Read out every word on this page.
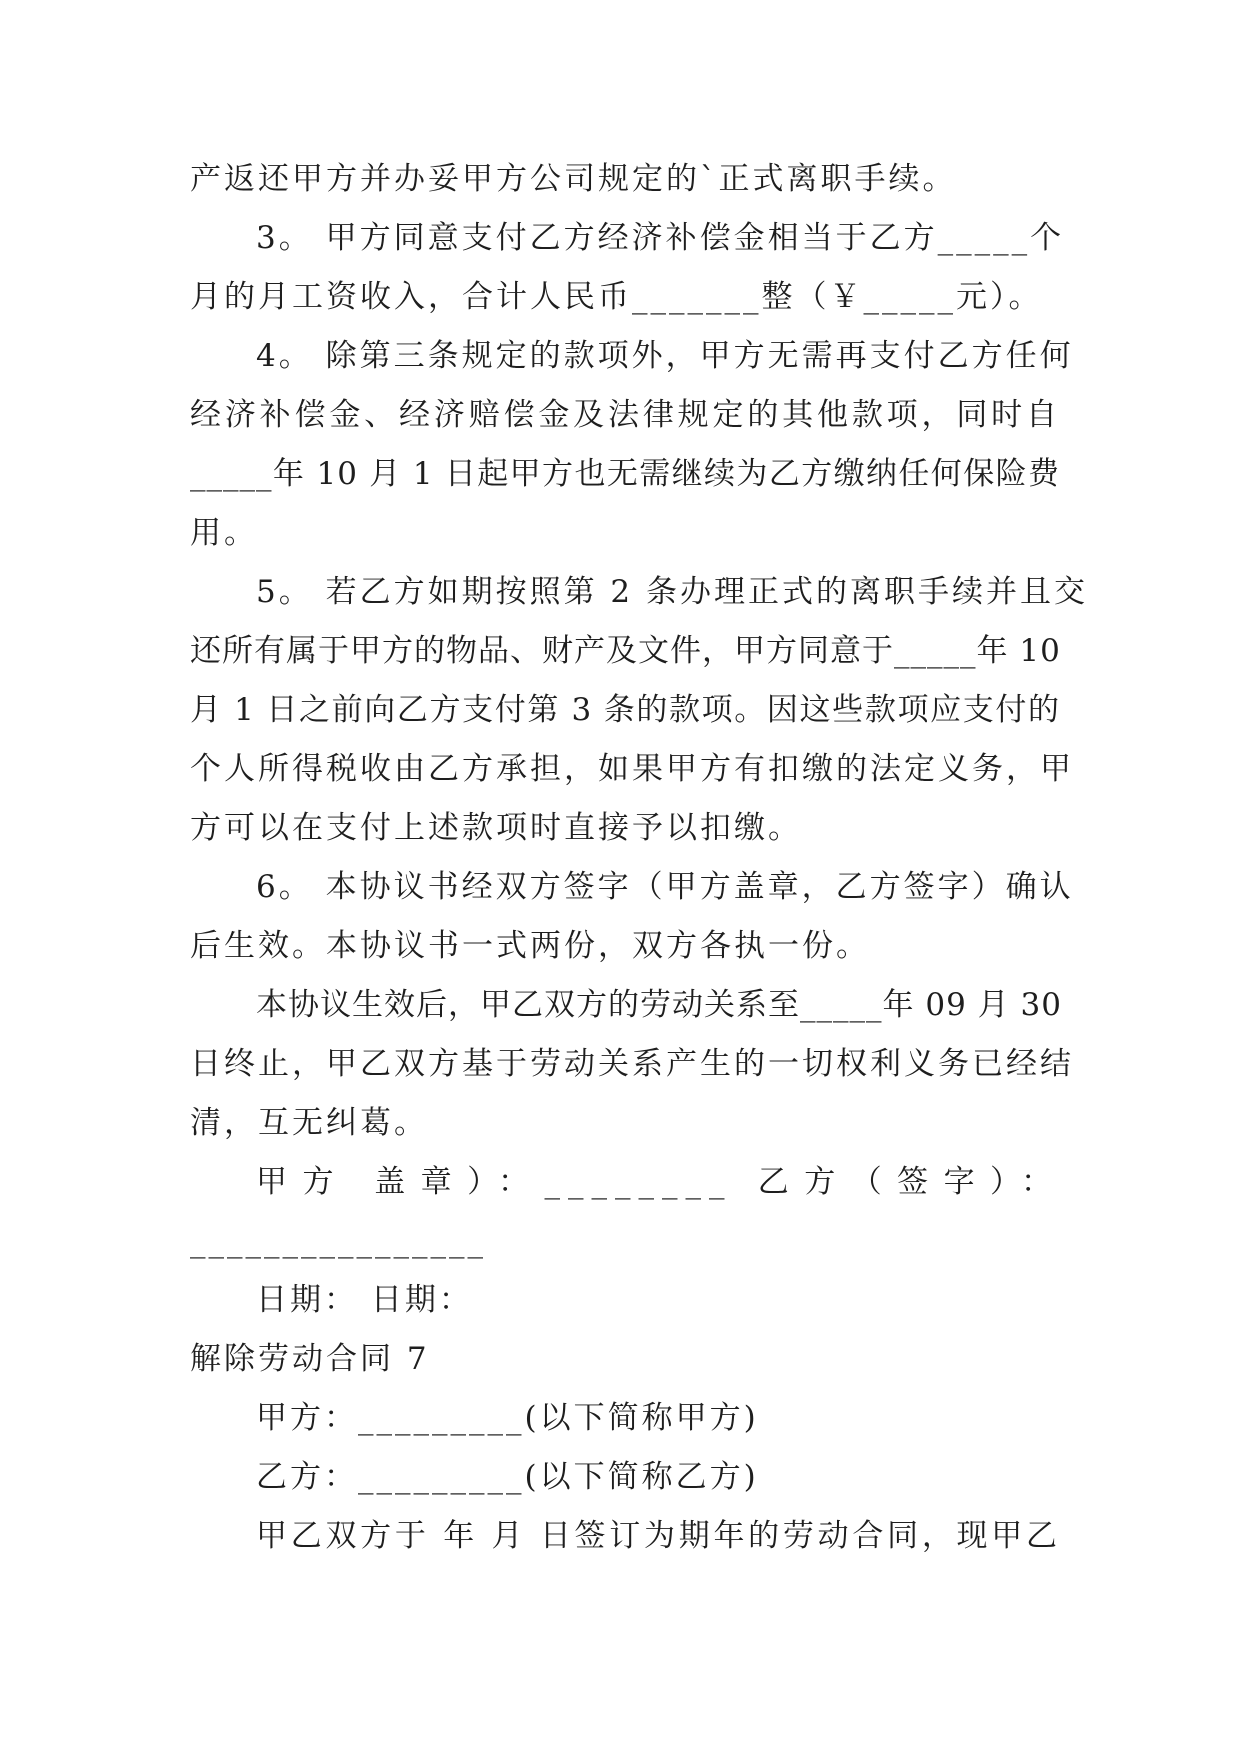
产返还甲方并办妥甲方公司规定的`正式离职手续。
3。 甲方同意支付乙方经济补偿金相当于乙方_____个
月的月工资收入，合计人民币_______整（￥_____元）。
4。 除第三条规定的款项外，甲方无需再支付乙方任何
经济补偿金、经济赔偿金及法律规定的其他款项，同时自
_____年 10 月 1 日起甲方也无需继续为乙方缴纳任何保险费
用。
5。 若乙方如期按照第 2 条办理正式的离职手续并且交
还所有属于甲方的物品、财产及文件，甲方同意于_____年 10
月 1 日之前向乙方支付第 3 条的款项。因这些款项应支付的
个人所得税收由乙方承担，如果甲方有扣缴的法定义务，甲
方可以在支付上述款项时直接予以扣缴。
6。 本协议书经双方签字（甲方盖章，乙方签字）确认
后生效。本协议书一式两份，双方各执一份。
本协议生效后，甲乙双方的劳动关系至_____年 09 月 30
日终止，甲乙双方基于劳动关系产生的一切权利义务已经结
清，互无纠葛。
甲方 盖章）：________ 乙方（签字）：
________________
日期： 日期：
解除劳动合同 7
甲方：_________(以下简称甲方)
乙方：_________(以下简称乙方)
甲乙双方于 年 月 日签订为期年的劳动合同，现甲乙
